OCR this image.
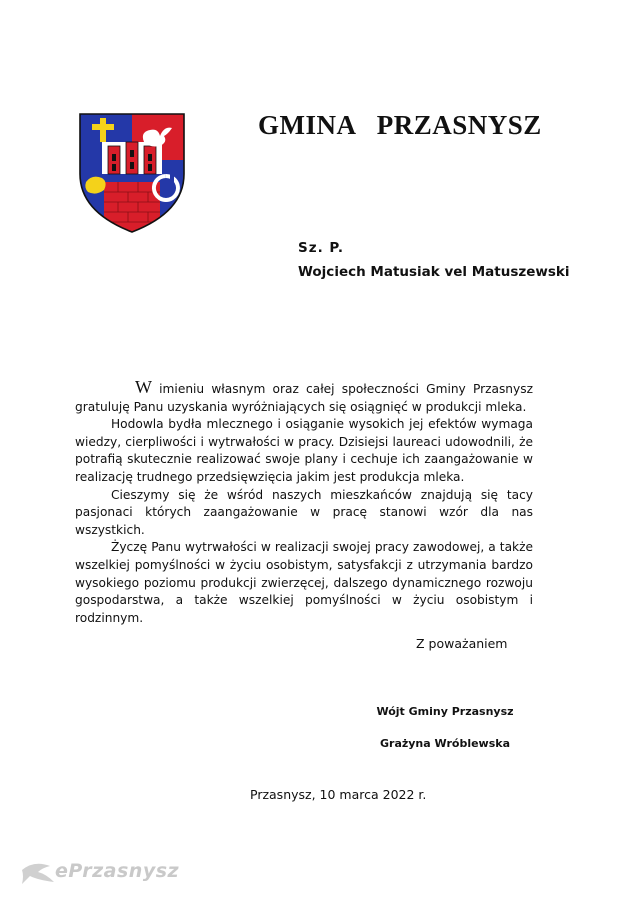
GMINA   PRZASNYSZ
Sz. P.
Wojciech Matusiak vel Matuszewski

W imieniu własnym oraz całej społeczności Gminy Przasnysz gratuluję Panu uzyskania wyróżniających się osiągnięć w produkcji mleka.

Hodowla bydła mlecznego i osiąganie wysokich jej efektów wymaga wiedzy, cierpliwości i wytrwałości w pracy. Dzisiejsi laureaci udowodnili, że potrafią skutecznie realizować swoje plany i cechuje ich zaangażowanie w realizację trudnego przedsięwzięcia jakim jest produkcja mleka.

Cieszymy się że wśród naszych mieszkańców znajdują się tacy pasjonaci których zaangażowanie w pracę stanowi wzór dla nas wszystkich.

Życzę Panu wytrwałości w realizacji swojej pracy zawodowej, a także wszelkiej pomyślności w życiu osobistym, satysfakcji z utrzymania bardzo wysokiego poziomu produkcji zwierzęcej, dalszego dynamicznego rozwoju gospodarstwa, a także wszelkiej pomyślności w życiu osobistym i rodzinnym.

Z poważaniem
Wójt Gminy Przasnysz
Grażyna Wróblewska
Przasnysz, 10 marca 2022 r.
ePrzasnysz
